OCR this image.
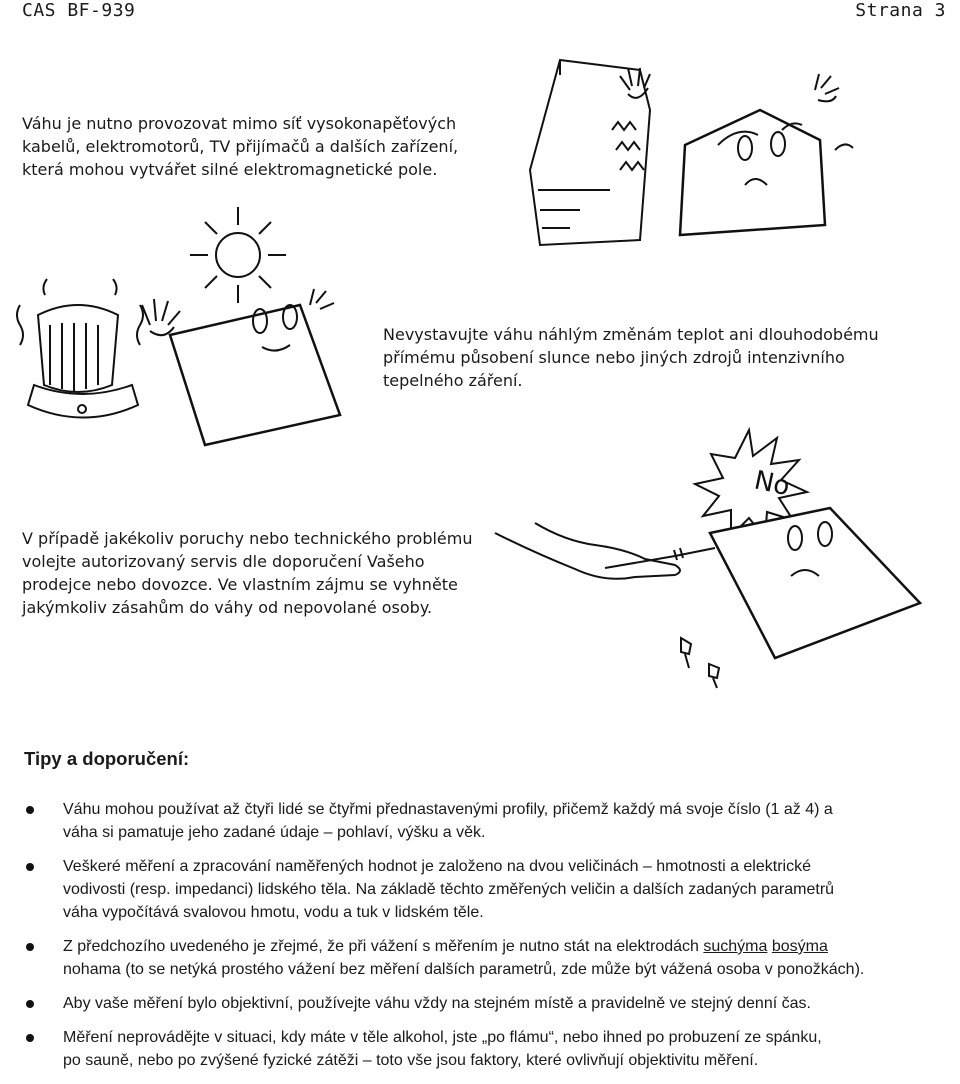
CAS BF-939	Strana 3
Váhu je nutno provozovat mimo síť vysokonapěťových
kabelů, elektromotorů, TV přijímačů a dalších zařízení,
která mohou vytvářet silné elektromagnetické pole.
Nevystavujte váhu náhlým změnám teplot ani dlouhodobému
přímému působení slunce nebo jiných zdrojů intenzivního
tepelného záření.
No
V případě jakékoliv poruchy nebo technického problému
volejte autorizovaný servis dle doporučení Vašeho
prodejce nebo dovozce. Ve vlastním zájmu se vyhněte
jakýmkoliv zásahům do váhy od nepovolané osoby.
Tipy a doporučení:
Váhu mohou používat až čtyři lidé se čtyřmi přednastavenými profily, přičemž každý má svoje číslo (1 až 4) a
váha si pamatuje jeho zadané údaje – pohlaví, výšku a věk.
Veškeré měření a zpracování naměřených hodnot je založeno na dvou veličinách – hmotnosti a elektrické
vodivosti (resp. impedanci) lidského těla. Na základě těchto změřených veličin a dalších zadaných parametrů
váha vypočítává svalovou hmotu, vodu a tuk v lidském těle.
Z předchozího uvedeného je zřejmé, že při vážení s měřením je nutno stát na elektrodách suchýma bosýma
nohama (to se netýká prostého vážení bez měření dalších parametrů, zde může být vážená osoba v ponožkách).
Aby vaše měření bylo objektivní, používejte váhu vždy na stejném místě a pravidelně ve stejný denní čas.
Měření neprovádějte v situaci, kdy máte v těle alkohol, jste „po flámu“, nebo ihned po probuzení ze spánku,
po sauně, nebo po zvýšené fyzické zátěži – toto vše jsou faktory, které ovlivňují objektivitu měření.
